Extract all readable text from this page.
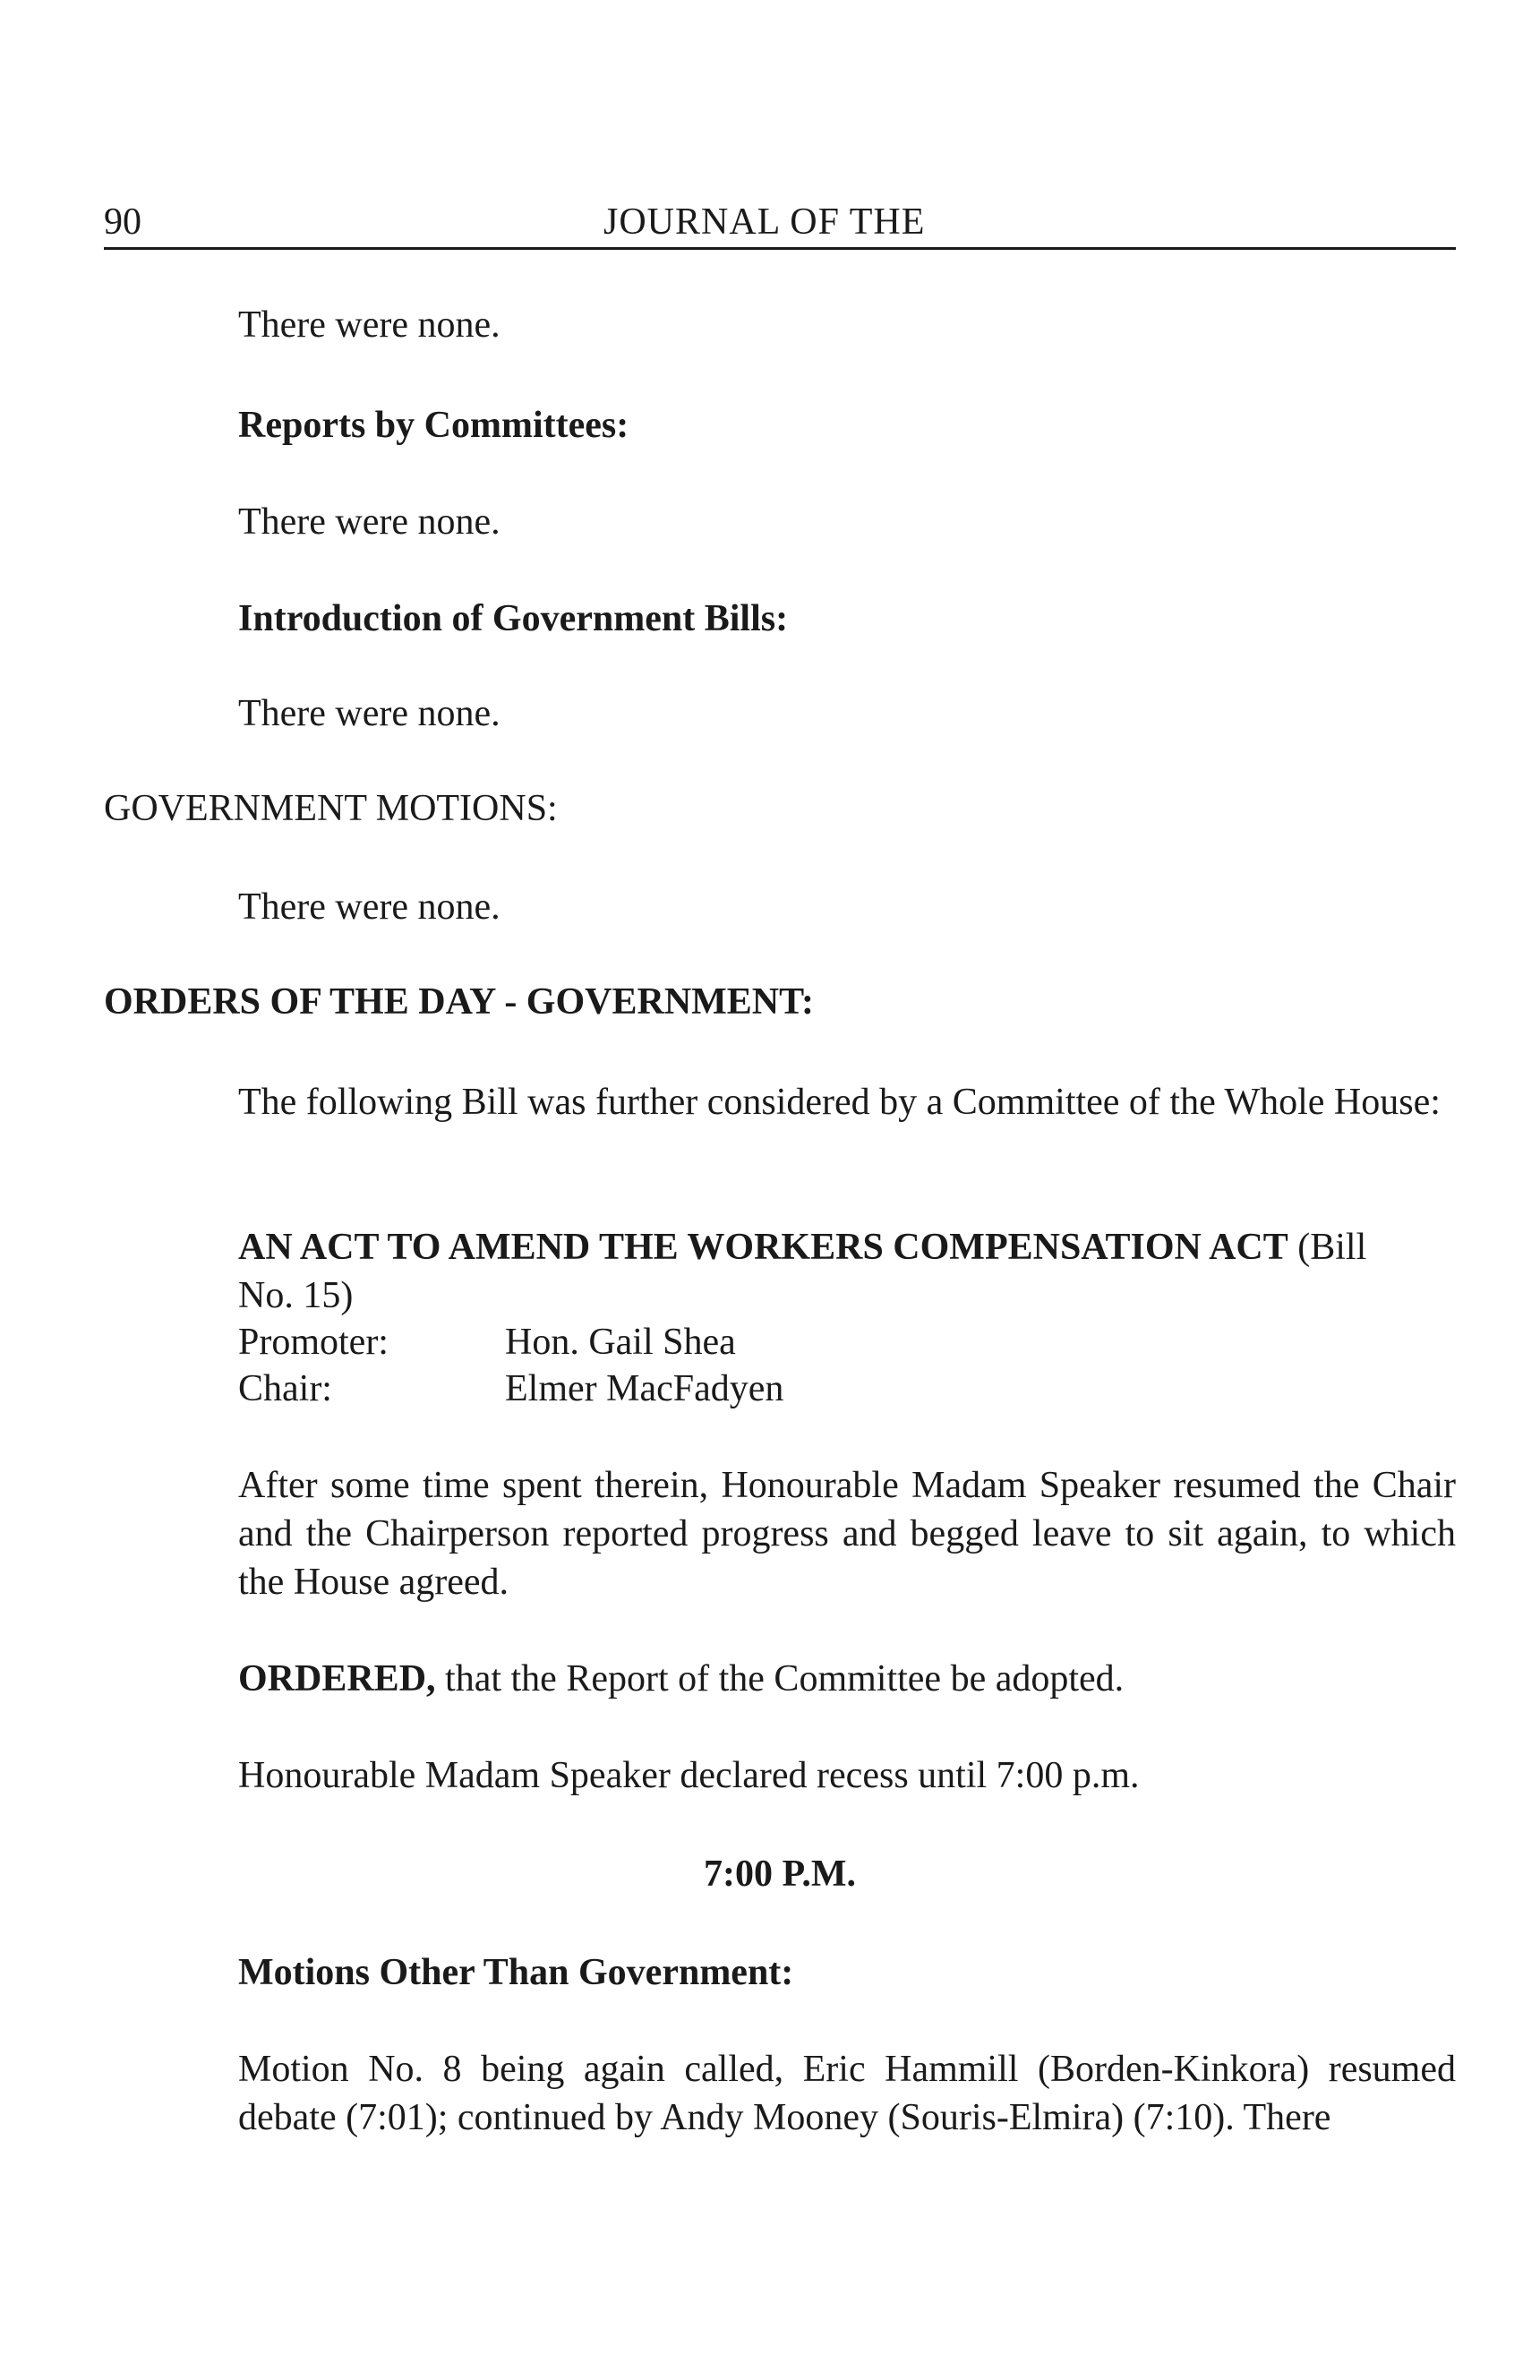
90	JOURNAL OF THE

There were none.

Reports by Committees:

There were none.

Introduction of Government Bills:

There were none.

GOVERNMENT MOTIONS:

There were none.

ORDERS OF THE DAY - GOVERNMENT:

The following Bill was further considered by a Committee of the Whole House:

AN ACT TO AMEND THE WORKERS COMPENSATION ACT (Bill

No. 15)

Promoter:	Hon. Gail Shea
Chair:	Elmer MacFadyen

After some time spent therein, Honourable Madam Speaker resumed the Chair and the Chairperson reported progress and begged leave to sit again, to which the House agreed.

ORDERED, that the Report of the Committee be adopted.

Honourable Madam Speaker declared recess until 7:00 p.m.

7:00 P.M.

Motions Other Than Government:

Motion No. 8 being again called, Eric Hammill (Borden-Kinkora) resumed debate (7:01); continued by Andy Mooney (Souris-Elmira) (7:10). There
